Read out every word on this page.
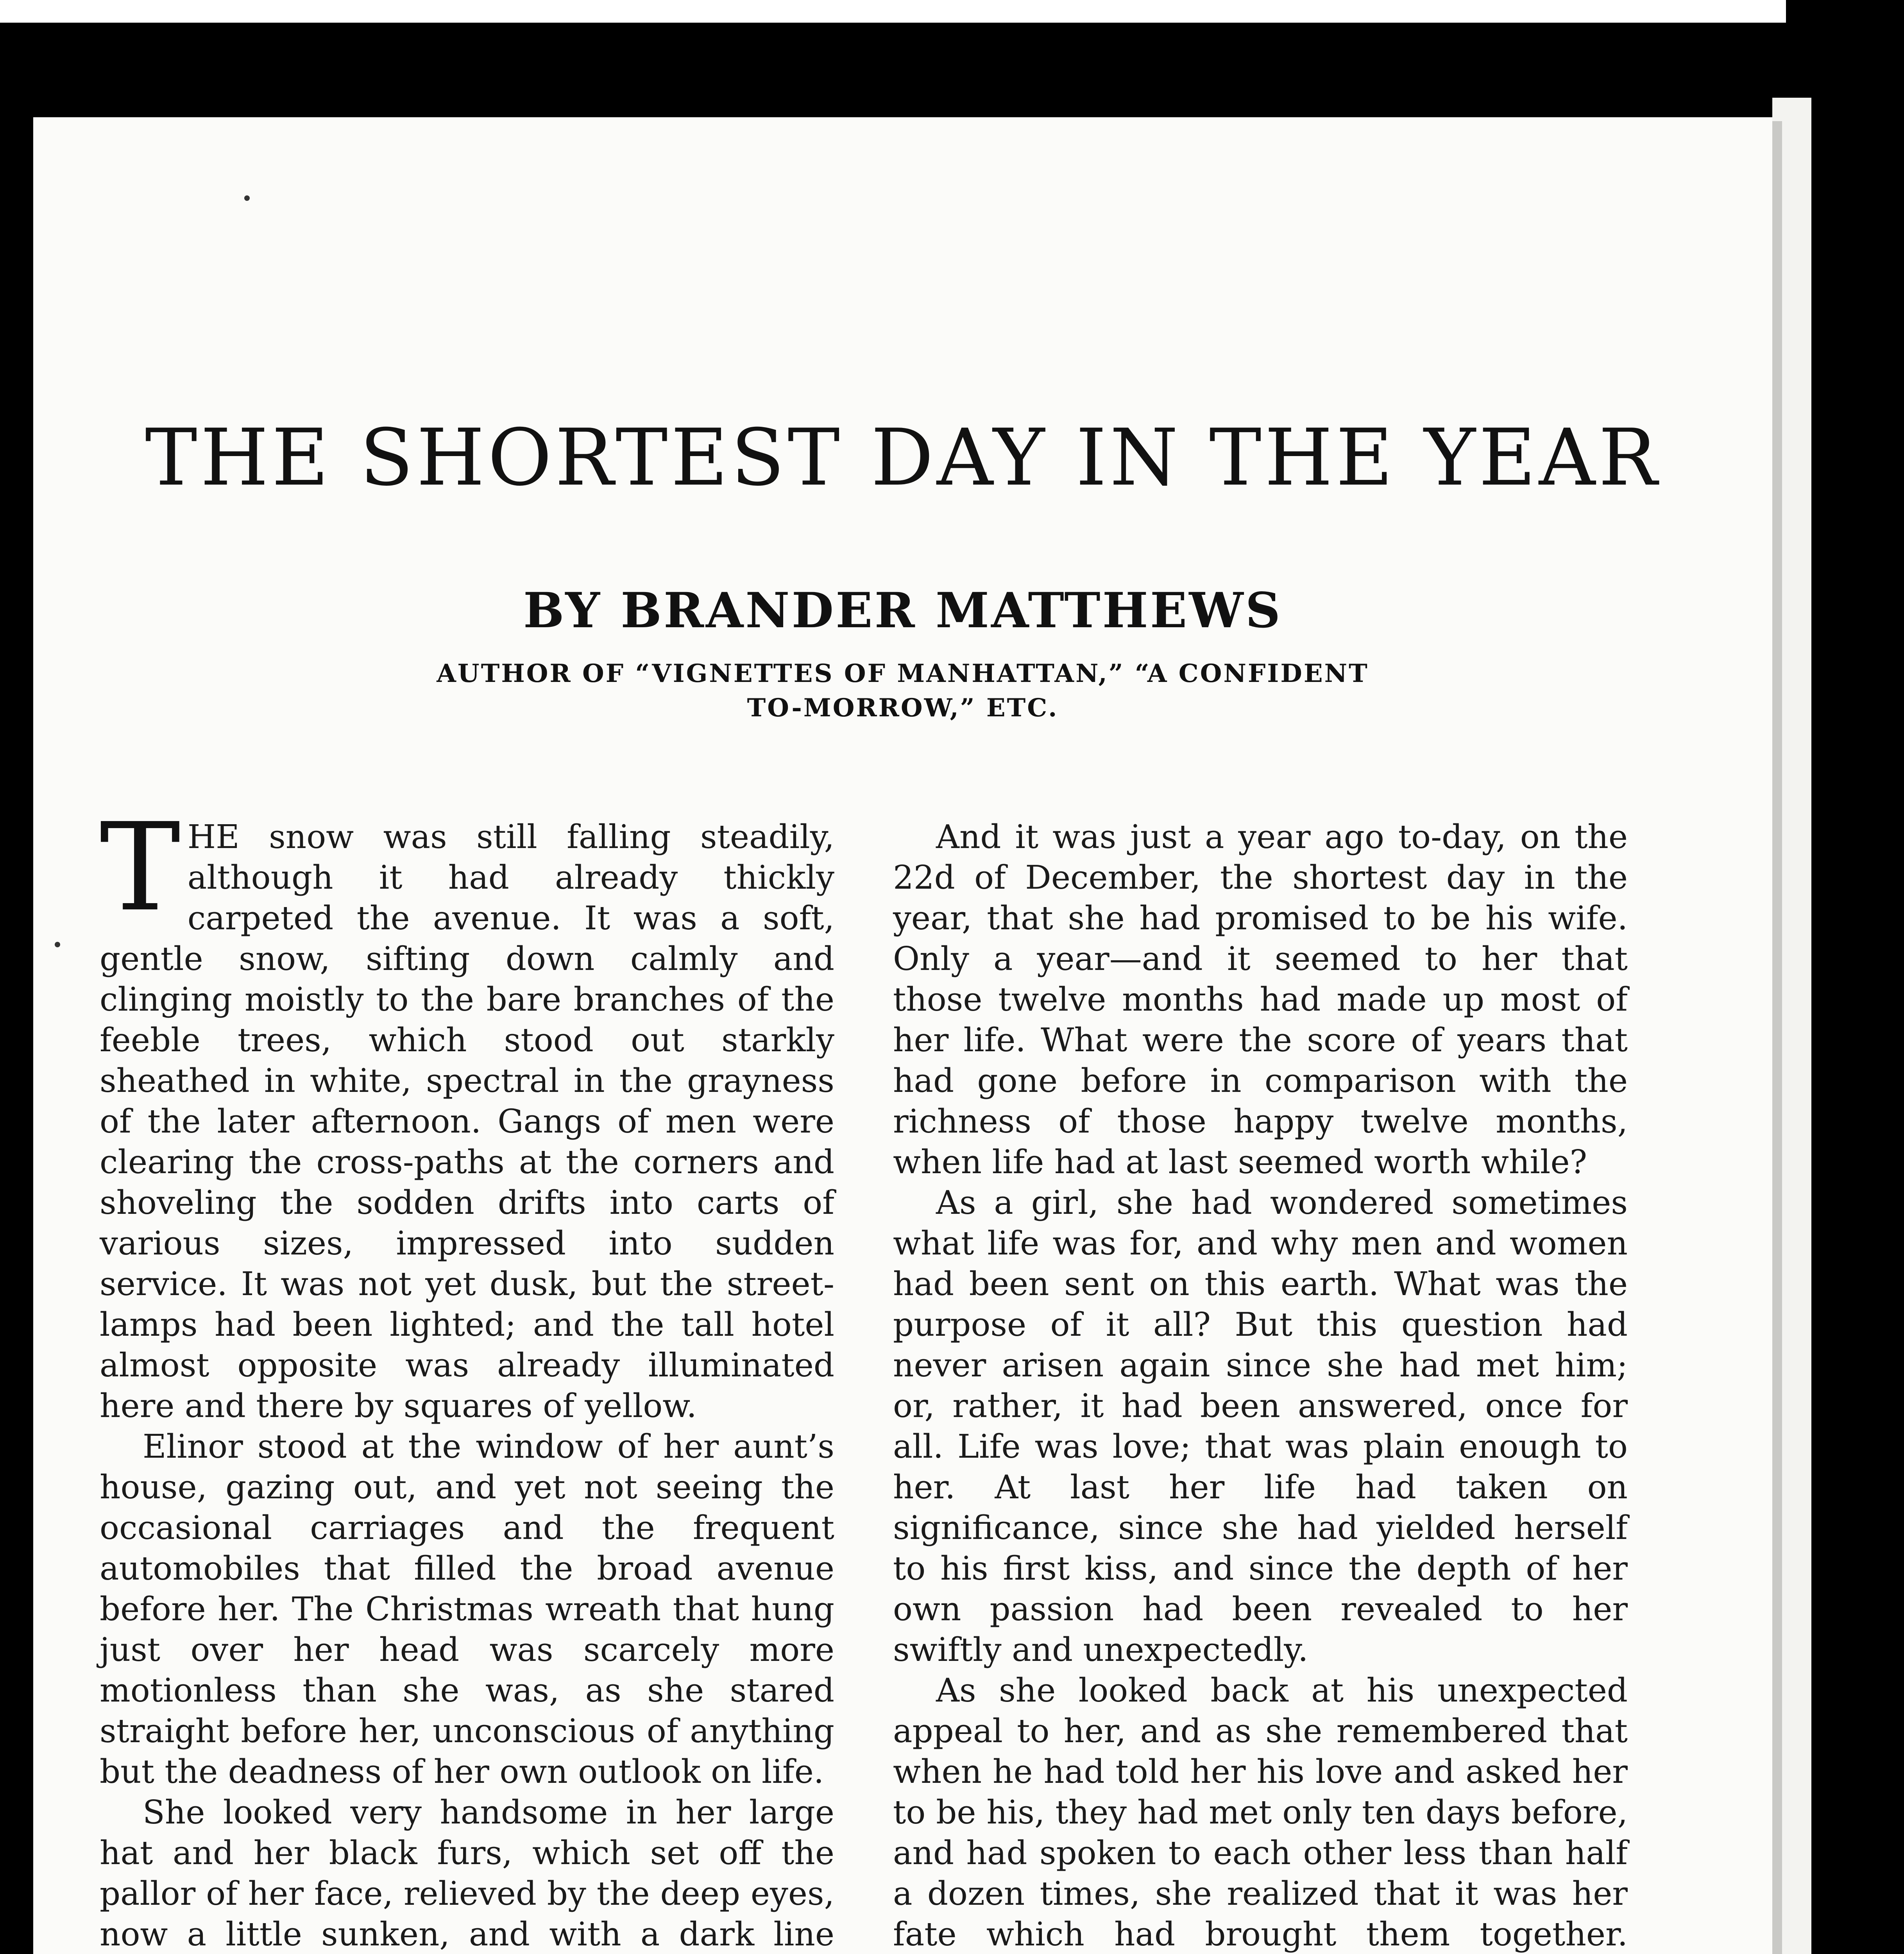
THE SHORTEST DAY IN THE YEAR
BY BRANDER MATTHEWS
AUTHOR OF “VIGNETTES OF MANHATTAN,” “A CONFIDENT
TO-MORROW,” ETC.

THE snow was still falling steadily, although it had already thickly carpeted the avenue. It was a soft, gentle snow, sifting down calmly and clinging moistly to the bare branches of the feeble trees, which stood out starkly sheathed in white, spectral in the grayness of the later afternoon. Gangs of men were clearing the cross-paths at the corners and shoveling the sodden drifts into carts of various sizes, impressed into sudden service. It was not yet dusk, but the street-lamps had been lighted; and the tall hotel almost opposite was already illuminated here and there by squares of yellow.

Elinor stood at the window of her aunt’s house, gazing out, and yet not seeing the occasional carriages and the frequent automobiles that filled the broad avenue before her. The Christmas wreath that hung just over her head was scarcely more motionless than she was, as she stared straight before her, unconscious of anything but the deadness of her own outlook on life.

She looked very handsome in her large hat and her black furs, which set off the pallor of her face, relieved by the deep eyes, now a little sunken, and with a dark line

And it was just a year ago to-day, on the 22d of December, the shortest day in the year, that she had promised to be his wife. Only a year—and it seemed to her that those twelve months had made up most of her life. What were the score of years that had gone before in comparison with the richness of those happy twelve months, when life had at last seemed worth while?

As a girl, she had wondered sometimes what life was for, and why men and women had been sent on this earth. What was the purpose of it all? But this question had never arisen again since she had met him; or, rather, it had been answered, once for all. Life was love; that was plain enough to her. At last her life had taken on significance, since she had yielded herself to his first kiss, and since the depth of her own passion had been revealed to her swiftly and unexpectedly.

As she looked back at his unexpected appeal to her, and as she remembered that when he had told her his love and asked her to be his, they had met only ten days before, and had spoken to each other less than half a dozen times, she realized that it was her fate which had brought them together.
